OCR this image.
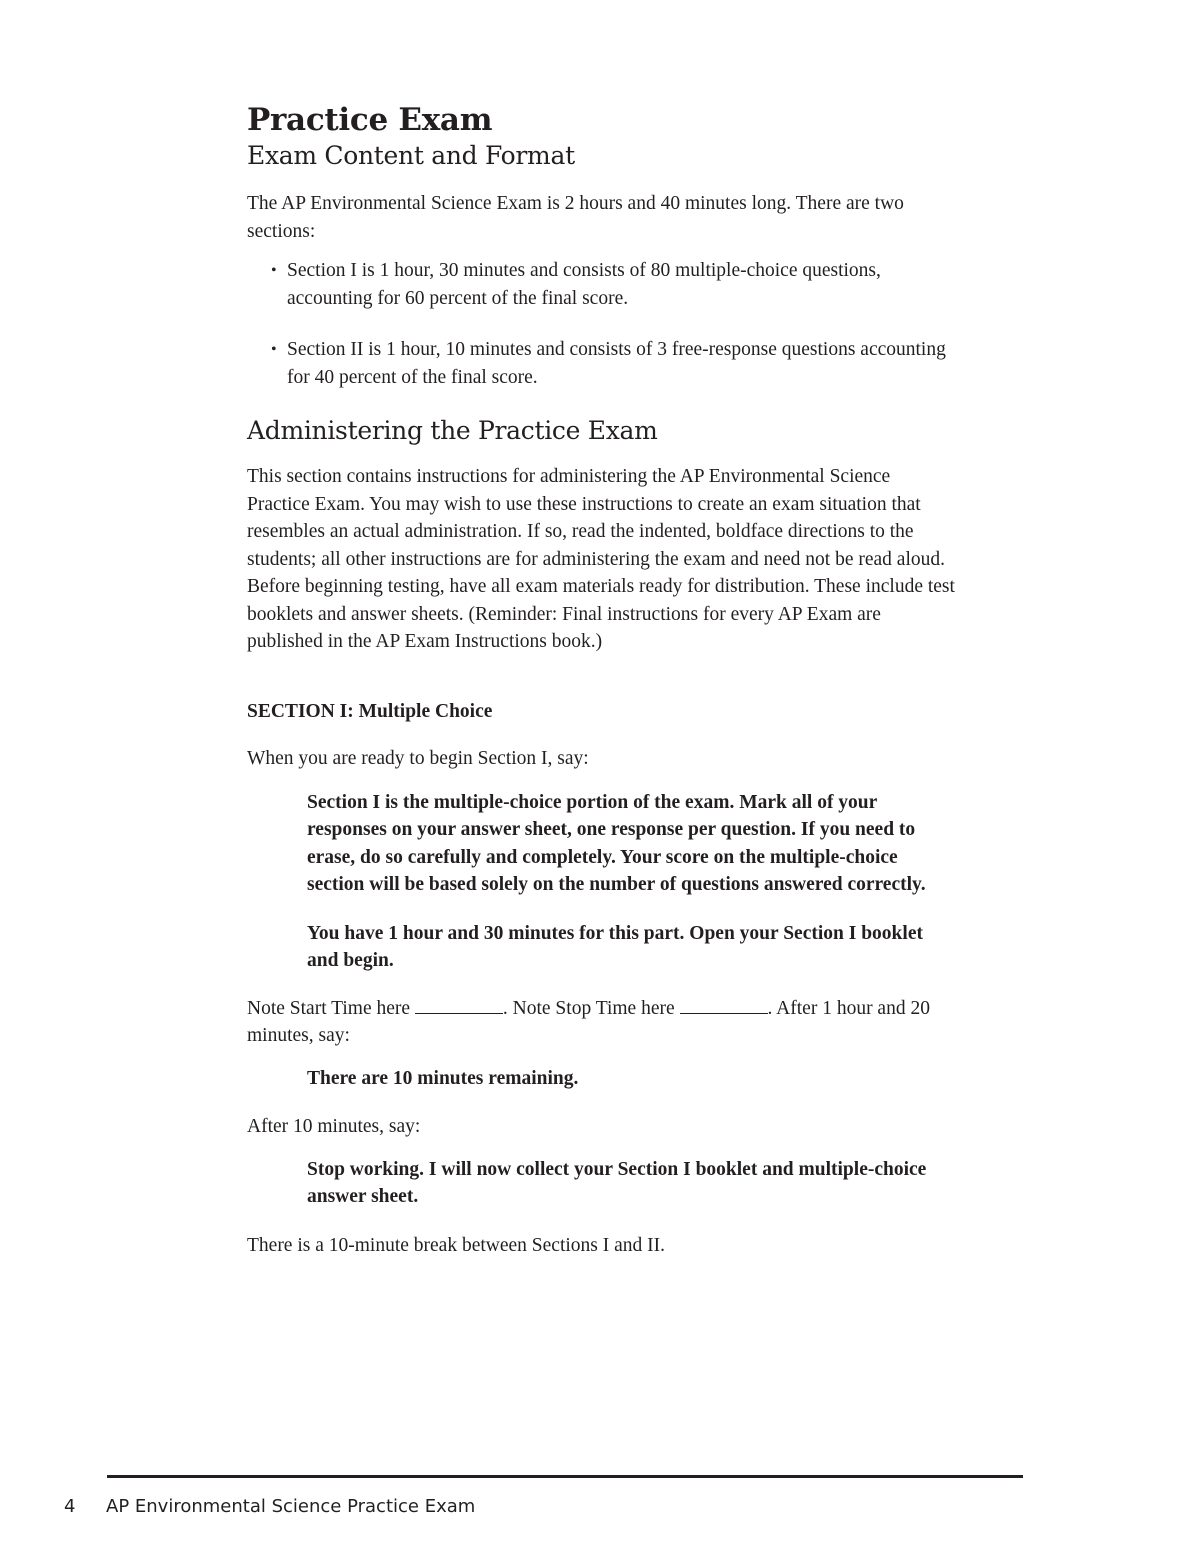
Practice Exam
Exam Content and Format

The AP Environmental Science Exam is 2 hours and 40 minutes long. There are two sections:

• Section I is 1 hour, 30 minutes and consists of 80 multiple-choice questions, accounting for 60 percent of the final score.
• Section II is 1 hour, 10 minutes and consists of 3 free-response questions accounting for 40 percent of the final score.
Administering the Practice Exam

This section contains instructions for administering the AP Environmental Science Practice Exam. You may wish to use these instructions to create an exam situation that resembles an actual administration. If so, read the indented, boldface directions to the students; all other instructions are for administering the exam and need not be read aloud. Before beginning testing, have all exam materials ready for distribution. These include test booklets and answer sheets. (Reminder: Final instructions for every AP Exam are published in the AP Exam Instructions book.)

SECTION I: Multiple Choice

When you are ready to begin Section I, say:

Section I is the multiple-choice portion of the exam. Mark all of your responses on your answer sheet, one response per question. If you need to erase, do so carefully and completely. Your score on the multiple-choice section will be based solely on the number of questions answered correctly.

You have 1 hour and 30 minutes for this part. Open your Section I booklet and begin.

Note Start Time here	. Note Stop Time here	. After 1 hour and 20 minutes, say:

There are 10 minutes remaining.

After 10 minutes, say:

Stop working. I will now collect your Section I booklet and multiple-choice answer sheet.

There is a 10-minute break between Sections I and II.

4 AP Environmental Science Practice Exam
